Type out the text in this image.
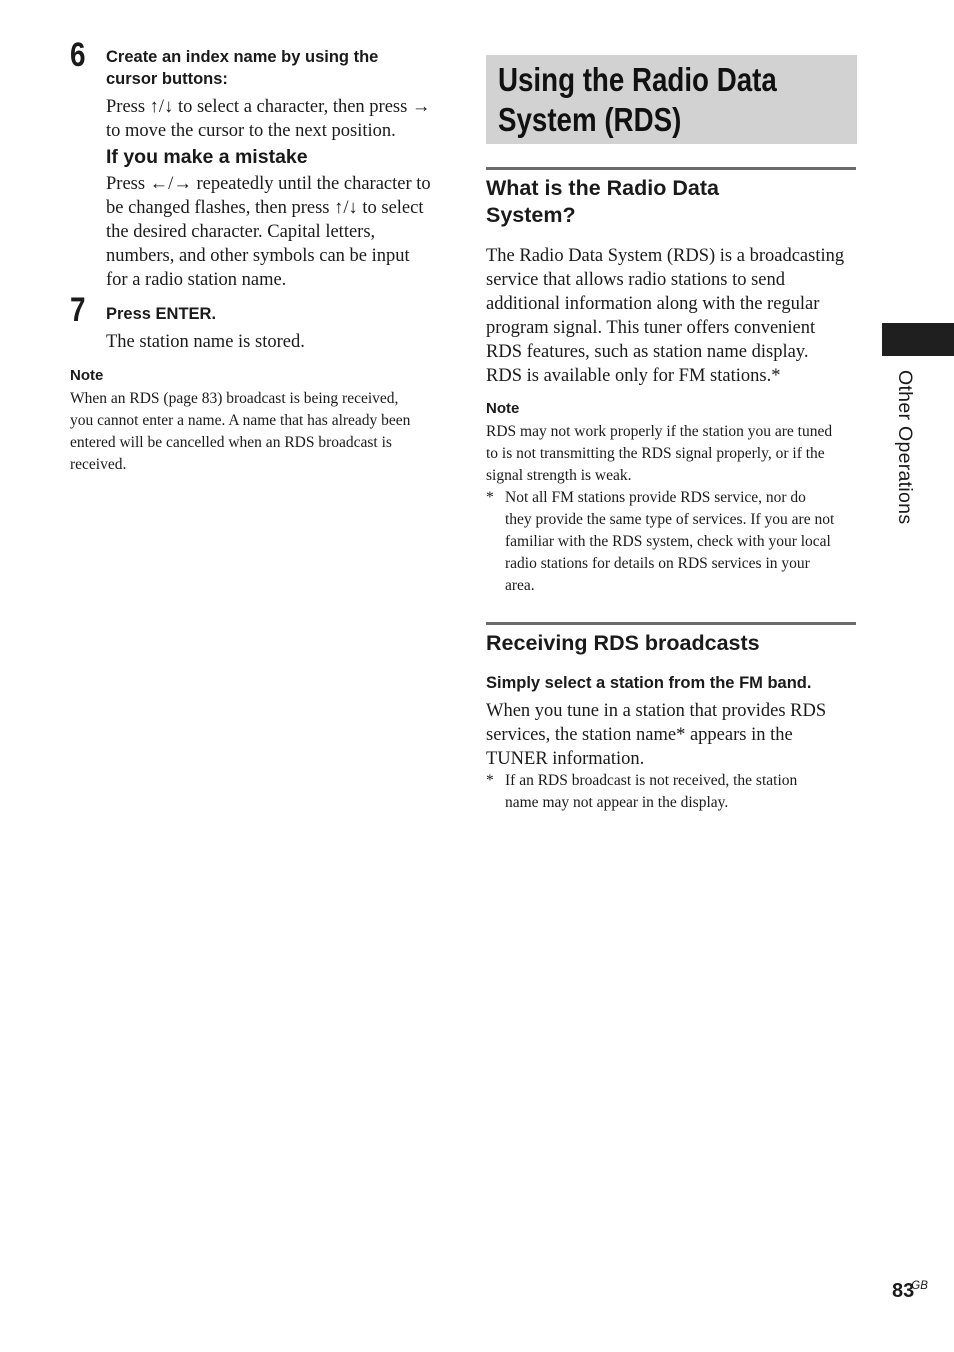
6 Create an index name by using the
cursor buttons:
Press ↑/↓ to select a character, then press →
to move the cursor to the next position.
If you make a mistake
Press ←/→ repeatedly until the character to
be changed flashes, then press ↑/↓ to select
the desired character. Capital letters,
numbers, and other symbols can be input
for a radio station name.
7 Press ENTER.
The station name is stored.
Note
When an RDS (page 83) broadcast is being received,
you cannot enter a name. A name that has already been
entered will be cancelled when an RDS broadcast is
received.
Using the Radio Data
System (RDS)
What is the Radio Data
System?
The Radio Data System (RDS) is a broadcasting
service that allows radio stations to send
additional information along with the regular
program signal. This tuner offers convenient
RDS features, such as station name display.
RDS is available only for FM stations.*
Note
RDS may not work properly if the station you are tuned
to is not transmitting the RDS signal properly, or if the
signal strength is weak.
* Not all FM stations provide RDS service, nor do
they provide the same type of services. If you are not
familiar with the RDS system, check with your local
radio stations for details on RDS services in your
area.
Receiving RDS broadcasts
Simply select a station from the FM band.
When you tune in a station that provides RDS
services, the station name* appears in the
TUNER information.
* If an RDS broadcast is not received, the station
name may not appear in the display.
Other Operations
$83^{GB}$
